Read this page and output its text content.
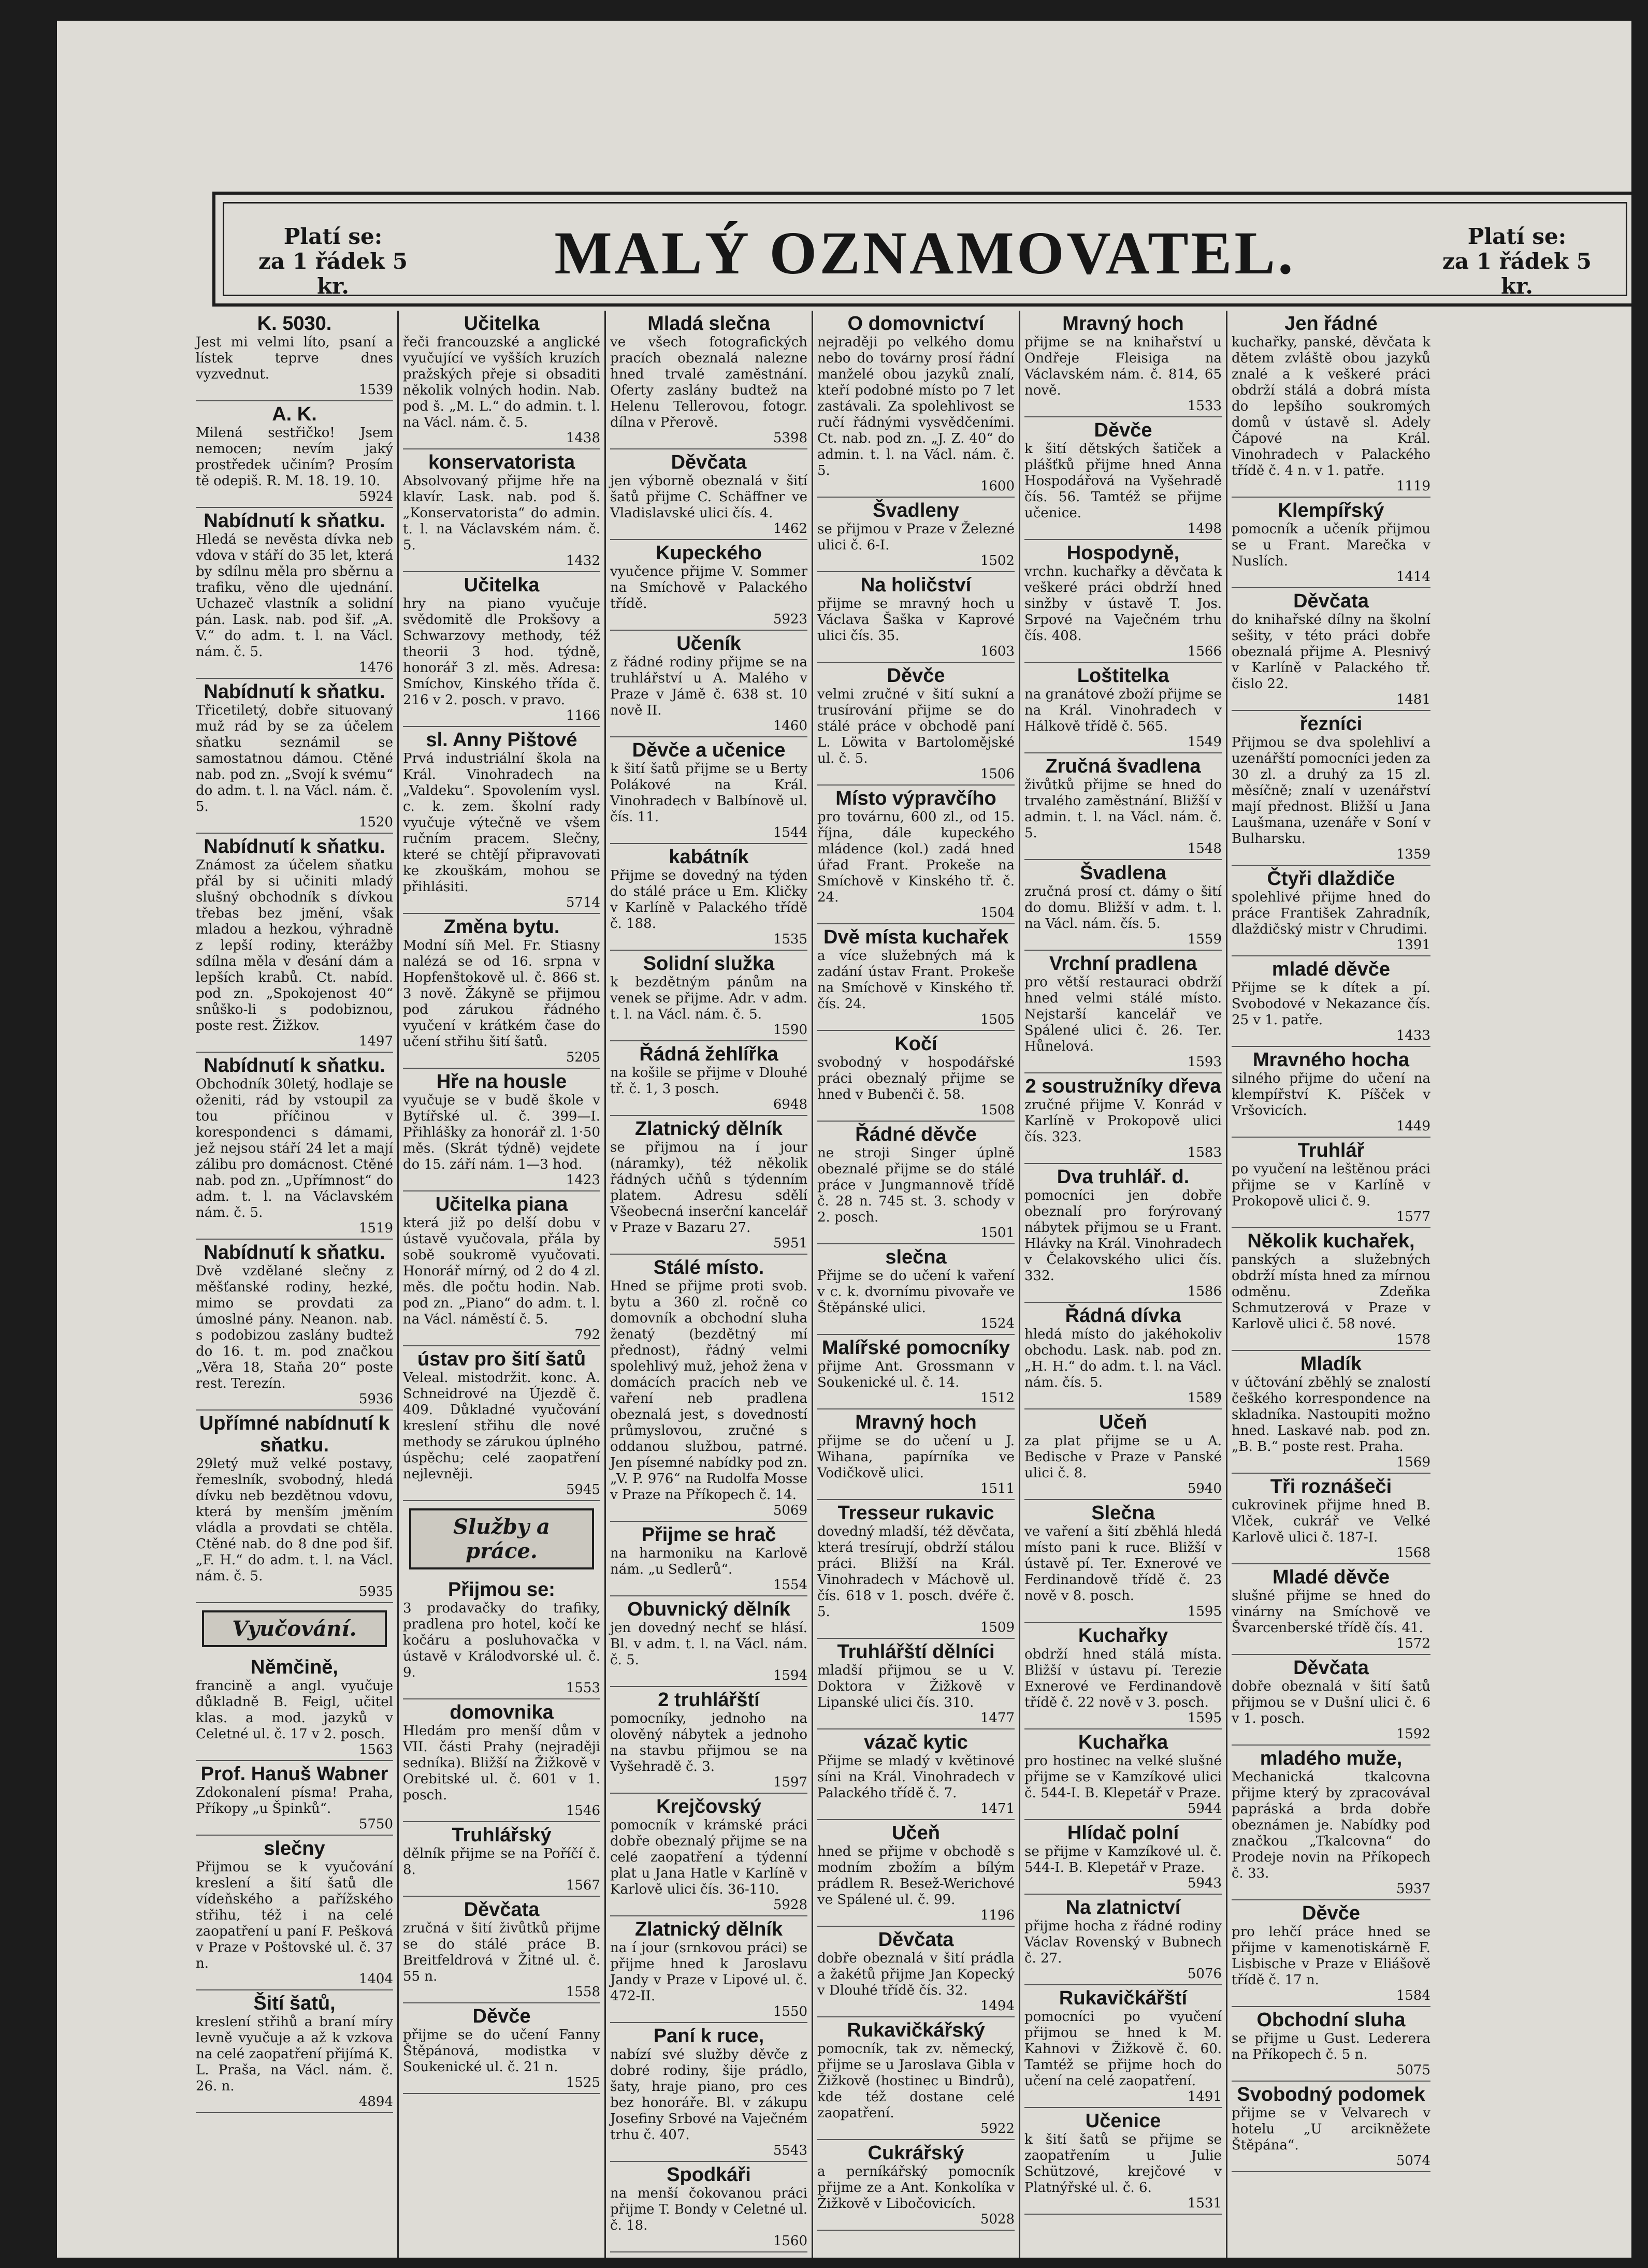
Platí se:
za 1 řádek 5 kr.	MALÝ OZNAMOVATEL.	Platí se:
za 1 řádek 5 kr.
K. 5030.
Jest mi velmi líto, psaní a lístek teprve dnes vyzvednut.
1539
A. K.
Milená sestřičko! Jsem nemocen; nevím jaký prostředek učiním? Prosím tě odepiš. R. M. 18. 19. 10.
5924
Nabídnutí k sňatku.
Hledá se nevěsta dívka neb vdova v stáří do 35 let, která by sdílnu měla pro sběrnu a trafiku, věno dle ujednání. Uchazeč vlastník a solidní pán. Lask. nab. pod šif. „A. V.“ do adm. t. l. na Václ. nám. č. 5.
1476
Nabídnutí k sňatku.
Třicetiletý, dobře situovaný muž rád by se za účelem sňatku seznámil se samostatnou dámou. Ctěné nab. pod zn. „Svojí k svému“ do adm. t. l. na Václ. nám. č. 5.
1520
Nabídnutí k sňatku.
Známost za účelem sňatku přál by si učiniti mladý slušný obchodník s dívkou třebas bez jmění, však mladou a hezkou, výhradně z lepší rodiny, kterážby sdílna měla v ďesání dám a lepších krabů. Ct. nabíd. pod zn. „Spokojenost 40“ snůško-li s podobiznou, poste rest. Žižkov.
1497
Nabídnutí k sňatku.
Obchodník 30letý, hodlaje se oženiti, rád by vstoupil za tou příčinou v korespondenci s dámami, jež nejsou stáří 24 let a mají zálibu pro domácnost. Ctěné nab. pod zn. „Upřímnost“ do adm. t. l. na Václavském nám. č. 5.
1519
Nabídnutí k sňatku.
Dvě vzdělané slečny z měšťanské rodiny, hezké, mimo se provdati za úmoslné pány. Neanon. nab. s podobizou zaslány budtež do 16. t. m. pod značkou „Věra 18, Staňa 20“ poste rest. Terezín.
5936
Upřímné nabídnutí k sňatku.
29letý muž velké postavy, řemeslník, svobodný, hledá dívku neb bezdětnou vdovu, která by menším jměním vládla a provdati se chtěla. Ctěné nab. do 8 dne pod šif. „F. H.“ do adm. t. l. na Václ. nám. č. 5.
5935
Vyučování.
Němčině,
francině a angl. vyučuje důkladně B. Feigl, učitel klas. a mod. jazyků v Celetné ul. č. 17 v 2. posch.
1563
Prof. Hanuš Wabner
Zdokonalení písma! Praha, Příkopy „u Špinků“.
5750
slečny
Přijmou se k vyučování kreslení a šití šatů dle vídeňského a pařížského střihu, též i na celé zaopatření u paní F. Pešková v Praze v Poštovské ul. č. 37 n.
1404
Šití šatů,
kreslení střihů a braní míry levně vyučuje a až k vzkova na celé zaopatření přijímá K. L. Praša, na Václ. nám. č. 26. n.
4894
Učitelka
řeči francouzské a anglické vyučující ve vyšších kruzích pražských přeje si obsaditi několik volných hodin. Nab. pod š. „M. L.“ do admin. t. l. na Václ. nám. č. 5.
1438
konservatoristа
Absolvovaný přijme hře na klavír. Lask. nab. pod š. „Konservatorista“ do admin. t. l. na Václavském nám. č. 5.
1432
Učitelka
hry na piano vyučuje svědomitě dle Prokšovy a Schwarzovy methody, též theorii 3 hod. týdně, honorář 3 zl. měs. Adresa: Smíchov, Kinského třída č. 216 v 2. posch. v pravo.
1166
sl. Anny Pištové
Prvá industriální škola na Král. Vinohradech na „Valdeku“. Spovolením vysl. c. k. zem. školní rady vyučuje výtečně ve všem ručním pracem. Slečny, které se chtějí připravovati ke zkouškám, mohou se přihlásiti.
5714
Změna bytu.
Modní síň Mel. Fr. Stiasny nalézá se od 16. srpna v Hopfenštokově ul. č. 866 st. 3 nově. Žákyně se přijmou pod zárukou řádného vyučení v krátkém čase do učení střihu šití šatů.
5205
Hře na housle
vyučuje se v budě škole v Bytířské ul. č. 399—I. Přihlášky za honorář zl. 1·50 měs. (Skrát týdně) vejdete do 15. září nám. 1—3 hod.
1423
Učitelka piana
která již po delší dobu v ústavě vyučovala, přála by sobě soukromě vyučovati. Honorář mírný, od 2 do 4 zl. měs. dle počtu hodin. Nab. pod zn. „Piano“ do adm. t. l. na Václ. náměstí č. 5.
792
ústav pro šití šatů
Veleal. mistodržit. konc. A. Schneidrové na Újezdě č. 409. Důkladné vyučování kreslení střihu dle nové methody se zárukou úplného úspěchu; celé zaopatření nejlevněji.
5945
Služby a práce.
Přijmou se:
3 prodavačky do trafiky, pradlena pro hotel, kočí ke kočáru a posluhovačka v ústavě v Králodvorské ul. č. 9.
1553
domovnika
Hledám pro menší dům v VII. části Prahy (nejraději sedníka). Bližší na Žižkově v Orebitské ul. č. 601 v 1. posch.
1546
Truhlářský
dělník přijme se na Poříčí č. 8.
1567
Děvčata
zručná v šití živůtků přijme se do stálé práce B. Breitfeldrová v Žitné ul. č. 55 n.
1558
Děvče
přijme se do učení Fanny Štěpánová, modistka v Soukenické ul. č. 21 n.
1525
Mladá slečna
ve všech fotografických pracích obeznalá nalezne hned trvalé zaměstnání. Oferty zaslány budtež na Helenu Tellerovou, fotogr. dílna v Přerově.
5398
Děvčata
jen výborně obeznalá v šití šatů přijme C. Schäffner ve Vladislavské ulici čís. 4.
1462
Kupeckého
vyučence přijme V. Sommer na Smíchově v Palackého třídě.
5923
Učeník
z řádné rodiny přijme se na truhlářství u A. Malého v Praze v Jámě č. 638 st. 10 nově II.
1460
Děvče a učenice
k šití šatů přijme se u Berty Polákové na Král. Vinohradech v Balbínově ul. čís. 11.
1544
kabátník
Přijme se dovedný na týden do stálé práce u Em. Kličky v Karlíně v Palackého třídě č. 188.
1535
Solidní služka
k bezdětným pánům na venek se přijme. Adr. v adm. t. l. na Václ. nám. č. 5.
1590
Řádná žehlířka
na košile se přijme v Dlouhé tř. č. 1, 3 posch.
6948
Zlatnický dělník
se přijmou na í jour (náramky), též několik řádných učňů s týdenním platem. Adresu sdělí Všeobecná inserční kancelář v Praze v Bazaru 27.
5951
Stálé místo.
Hned se přijme proti svob. bytu a 360 zl. ročně co domovník a obchodní sluha ženatý (bezdětný mí přednost), řádný velmi spolehlivý muž, jehož žena v domácích pracích neb ve vaření neb pradlena obeznalá jest, s dovedností průmyslovou, zručné s oddanou službou, patrné. Jen písemné nabídky pod zn. „V. P. 976“ na Rudolfa Mosse v Praze na Příkopech č. 14.
5069
Přijme se hrač
na harmoniku na Karlově nám. „u Sedlerů“.
1554
Obuvnický dělník
jen dovedný nechť se hlásí. Bl. v adm. t. l. na Václ. nám. č. 5.
1594
2 truhlářští
pomocníky, jednoho na olověný nábytek a jednoho na stavbu přijmou se na Vyšehradě č. 3.
1597
Krejčovský
pomocník v krámské práci dobře obeznalý přijme se na celé zaopatření a týdenní plat u Jana Hatle v Karlíně v Karlově ulici čís. 36-110.
5928
Zlatnický dělník
na í jour (srnkovou práci) se přijme hned k Jaroslavu Jandy v Praze v Lipové ul. č. 472-II.
1550
Paní k ruce,
nabízí své služby děvče z dobré rodiny, šije prádlo, šaty, hraje piano, pro ces bez honoráře. Bl. v zákupu Josefiny Srbové na Vaječném trhu č. 407.
5543
Spodkáři
na menší čokovanou práci přijme T. Bondy v Celetné ul. č. 18.
1560
O domovnictví
nejraději po velkého domu nebo do továrny prosí řádní manželé obou jazyků znalí, kteří podobné místo po 7 let zastávali. Za spolehlivost se ručí řádnými vysvědčeními. Ct. nab. pod zn. „J. Z. 40“ do admin. t. l. na Václ. nám. č. 5.
1600
Švadleny
se přijmou v Praze v Železné ulici č. 6-I.
1502
Na holičství
přijme se mravný hoch u Václava Šaška v Kaprové ulici čís. 35.
1603
Děvče
velmi zručné v šití sukní a trusírování přijme se do stálé práce v obchodě paní L. Löwita v Bartolomějské ul. č. 5.
1506
Místo výpravčího
pro továrnu, 600 zl., od 15. října, dále kupeckého mládence (kol.) zadá hned úřad Frant. Prokeše na Smíchově v Kinského tř. č. 24.
1504
Dvě místa kuchařek
a více služebných má k zadání ústav Frant. Prokeše na Smíchově v Kinského tř. čís. 24.
1505
Kočí
svobodný v hospodářské práci obeznalý přijme se hned v Bubenči č. 58.
1508
Řádné děvče
ne stroji Singer úplně obeznalé přijme se do stálé práce v Jungmannově třídě č. 28 n. 745 st. 3. schody v 2. posch.
1501
slečna
Přijme se do učení k vaření v c. k. dvornímu pivovaře ve Štěpánské ulici.
1524
Malířské pomocníky
přijme Ant. Grossmann v Soukenické ul. č. 14.
1512
Mravný hoch
přijme se do učení u J. Wihana, papírníka ve Vodičkově ulici.
1511
Tresseur rukavic
dovedný mladší, též děvčata, která tresírují, obdrží stálou práci. Bližší na Král. Vinohradech v Máchově ul. čís. 618 v 1. posch. dvéře č. 5.
1509
Truhlářští dělníci
mladší přijmou se u V. Doktora v Žižkově v Lipanské ulici čís. 310.
1477
vázač kytic
Přijme se mladý v květinové síni na Král. Vinohradech v Palackého třídě č. 7.
1471
Učeň
hned se přijme v obchodě s modním zbožím a bílým prádlem R. Besež-Werichové ve Spálené ul. č. 99.
1196
Děvčata
dobře obeznalá v šití prádla a žakétů přijme Jan Kopecký v Dlouhé třídě čís. 32.
1494
Rukavičkářský
pomocník, tak zv. německý, přijme se u Jaroslava Gibla v Žižkově (hostinec u Bindrů), kde též dostane celé zaopatření.
5922
Cukrářský
a perníkářský pomocník přijme ze a Ant. Konkolíka v Žižkově v Libočovicích.
5028
Mravný hoch
přijme se na knihařství u Ondřeje Fleisiga na Václavském nám. č. 814, 65 nově.
1533
Děvče
k šití dětských šatiček a plášťků přijme hned Anna Hospodářová na Vyšehradě čís. 56. Tamtéž se přijme učenice.
1498
Hospodyně,
vrchn. kuchařky a děvčata k veškeré práci obdrží hned sinžby v ústavě T. Jos. Srpové na Vaječném trhu čís. 408.
1566
Loštitelka
na granátové zboží přijme se na Král. Vinohradech v Hálkově třídě č. 565.
1549
Zručná švadlena
živůtků přijme se hned do trvalého zaměstnání. Bližší v admin. t. l. na Václ. nám. č. 5.
1548
Švadlena
zručná prosí ct. dámy o šití do domu. Bližší v adm. t. l. na Václ. nám. čís. 5.
1559
Vrchní pradlena
pro větší restauraci obdrží hned velmi stálé místo. Nejstarší kancelář ve Spálené ulici č. 26. Ter. Hůnelová.
1593
2 soustružníky dřeva
zručné přijme V. Konrád v Karlíně v Prokopově ulici čís. 323.
1583
Dva truhlář. d.
pomocníci jen dobře obeznalí pro forýrovaný nábytek přijmou se u Frant. Hlávky na Král. Vinohradech v Čelakovského ulici čís. 332.
1586
Řádná dívka
hledá místo do jakéhokoliv obchodu. Lask. nab. pod zn. „H. H.“ do adm. t. l. na Václ. nám. čís. 5.
1589
Učeň
za plat přijme se u A. Bedische v Praze v Panské ulici č. 8.
5940
Slečna
ve vaření a šití zběhlá hledá místo pani k ruce. Bližší v ústavě pí. Ter. Exnerové ve Ferdinandově třídě č. 23 nově v 8. posch.
1595
Kuchařky
obdrží hned stálá místa. Bližší v ústavu pí. Terezie Exnerové ve Ferdinandově třídě č. 22 nově v 3. posch.
1595
Kuchařka
pro hostinec na velké slušné přijme se v Kamzíkové ulici č. 544-I. B. Klepetář v Praze.
5944
Hlídač polní
se přijme v Kamzíkové ul. č. 544-I. B. Klepetář v Praze.
5943
Na zlatnictví
přijme hocha z řádné rodiny Václav Rovenský v Bubnech č. 27.
5076
Rukavičkářští
pomocníci po vyučení přijmou se hned k M. Kahnovi v Žižkově č. 60. Tamtéž se přijme hoch do učení na celé zaopatření.
1491
Učenice
k šití šatů se přijme se zaopatřením u Julie Schützové, krejčové v Platnýřské ul. č. 6.
1531
Jen řádné
kuchařky, panské, děvčata k dětem zvláště obou jazyků znalé a k veškeré práci obdrží stálá a dobrá místa do lepšího soukromých domů v ústavě sl. Adely Čápové na Král. Vinohradech v Palackého třídě č. 4 n. v 1. patře.
1119
Klempířský
pomocník a učeník přijmou se u Frant. Marečka v Nuslích.
1414
Děvčata
do knihařské dílny na školní sešity, v této práci dobře obeznalá přijme A. Plesnivý v Karlíně v Palackého tř. čislo 22.
1481
řezníci
Přijmou se dva spolehliví a uzenářští pomocníci jeden za 30 zl. a druhý za 15 zl. měsíčně; znalí v uzenářství mají přednost. Bližší u Jana Laušmana, uzenáře v Soní v Bulharsku.
1359
Čtyři dlaždiče
spolehlivé přijme hned do práce František Zahradník, dlaždičský mistr v Chrudimi.
1391
mladé děvče
Přijme se k dítek a pí. Svobodové v Nekazance čís. 25 v 1. patře.
1433
Mravného hocha
silného přijme do učení na klempířství K. Píšček v Vršovicích.
1449
Truhlář
po vyučení na leštěnou práci přijme se v Karlíně v Prokopově ulici č. 9.
1577
Několik kuchařek,
panských a služebných obdrží místa hned za mírnou odměnu. Zdeňka Schmutzerová v Praze v Karlově ulici č. 58 nové.
1578
Mladík
v účtování zběhlý se znalostí češkého korrespondence na skladníka. Nastoupiti možno hned. Laskavé nab. pod zn. „B. B.“ poste rest. Praha.
1569
Tři roznášeči
cukrovinek přijme hned B. Vlček, cukrář ve Velké Karlově ulici č. 187-I.
1568
Mladé děvče
slušné přijme se hned do vinárny na Smíchově ve Švarcenberské třídě čís. 41.
1572
Děvčata
dobře obeznalá v šití šatů přijmou se v Dušní ulici č. 6 v 1. posch.
1592
mladého muže,
Mechanická tkalcovna přijme který by zpracovával papráská a brda dobře obeznámen je. Nabídky pod značkou „Tkalcovna“ do Prodeje novin na Příkopech č. 33.
5937
Děvče
pro lehčí práce hned se přijme v kamenotiskárně F. Lisbische v Praze v Eliášově třídě č. 17 n.
1584
Obchodní sluha
se přijme u Gust. Lederera na Příkopech č. 5 n.
5075
Svobodný podomek
přijme se v Velvarech v hotelu „U arcikněžete Štěpána“.
5074
